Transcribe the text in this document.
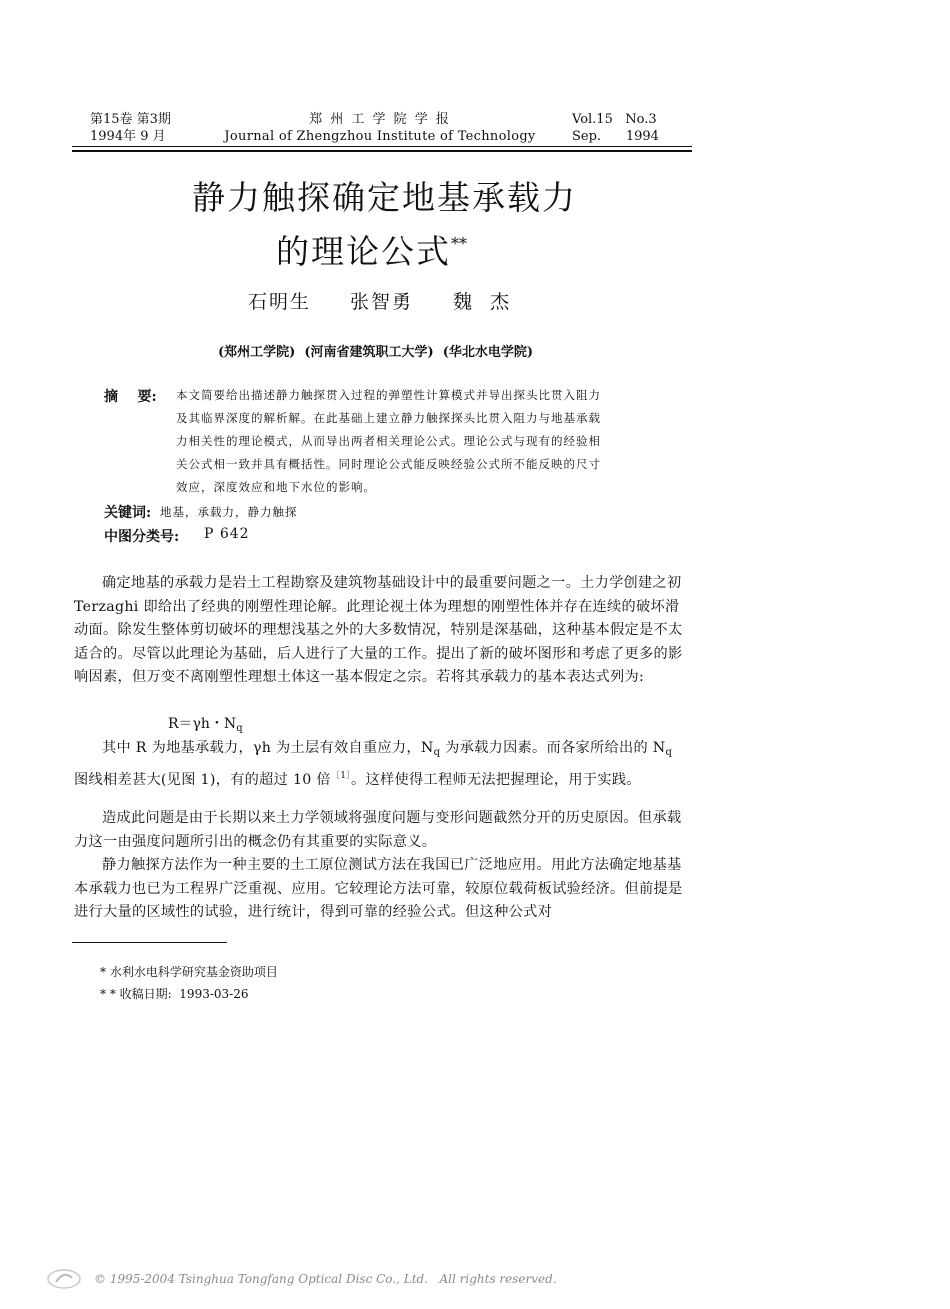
第15卷 第3期
1994年 9 月
郑 州 工 学 院 学 报
Journal of Zhengzhou Institute of Technology
Vol.15   No.3
Sep.      1994
静力触探确定地基承载力
的理论公式**
石明生 张智勇 魏  杰
(郑州工学院)  (河南省建筑职工大学)  (华北水电学院)
摘    要: 本文简要给出描述静力触探贯入过程的弹塑性计算模式并导出探头比贯入阻力
及其临界深度的解析解。在此基础上建立静力触探探头比贯入阻力与地基承载
力相关性的理论模式，从而导出两者相关理论公式。理论公式与现有的经验相
关公式相一致并具有概括性。同时理论公式能反映经验公式所不能反映的尺寸
效应，深度效应和地下水位的影响。
关键词: 地基，承载力，静力触探
中图分类号: P 642
确定地基的承载力是岩土工程勘察及建筑物基础设计中的最重要问题之一。土力学创建之初 Terzaghi 即给出了经典的刚塑性理论解。此理论视土体为理想的刚塑性体并存在连续的破坏滑动面。除发生整体剪切破坏的理想浅基之外的大多数情况，特别是深基础，这种基本假定是不太适合的。尽管以此理论为基础，后人进行了大量的工作。提出了新的破坏图形和考虑了更多的影响因素，但万变不离刚塑性理想土体这一基本假定之宗。若将其承载力的基本表达式列为:
R＝γh・$N_q$
其中 R 为地基承载力，γh 为土层有效自重应力，$N_q$ 为承载力因素。而各家所给出的 $N_q$ 图线相差甚大(见图 1)，有的超过 10 倍$^{〔1〕}$。这样使得工程师无法把握理论，用于实践。
造成此问题是由于长期以来土力学领域将强度问题与变形问题截然分开的历史原因。但承载力这一由强度问题所引出的概念仍有其重要的实际意义。
静力触探方法作为一种主要的土工原位测试方法在我国已广泛地应用。用此方法确定地基基本承载力也已为工程界广泛重视、应用。它较理论方法可靠，较原位载荷板试验经济。但前提是进行大量的区域性的试验，进行统计，得到可靠的经验公式。但这种公式对
* 水利水电科学研究基金资助项目
* * 收稿日期:  1993-03-26
© 1995-2004 Tsinghua Tongfang Optical Disc Co., Ltd.   All rights reserved.
